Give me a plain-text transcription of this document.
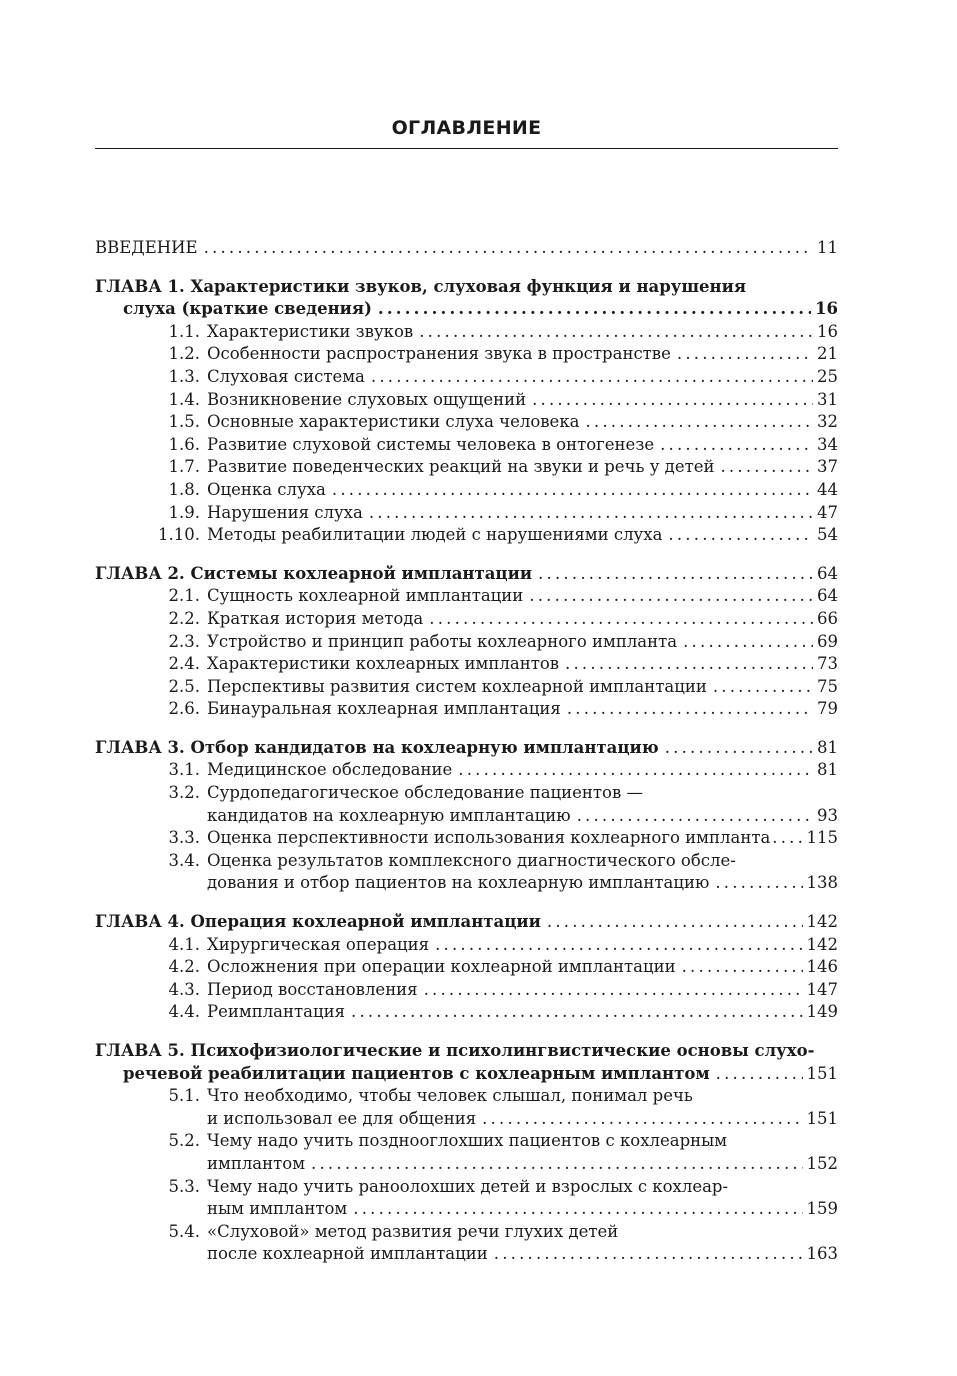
ОГЛАВЛЕНИЕ
ВВЕДЕНИЕ .....	11
ГЛАВА 1. Характеристики звуков, слуховая функция и нарушения
слуха (краткие сведения) .....	16
1.1. Характеристики звуков .....	16
1.2. Особенности распространения звука в пространстве .....	21
1.3. Слуховая система .....	25
1.4. Возникновение слуховых ощущений .....	31
1.5. Основные характеристики слуха человека .....	32
1.6. Развитие слуховой системы человека в онтогенезе .....	34
1.7. Развитие поведенческих реакций на звуки и речь у детей .....	37
1.8. Оценка слуха .....	44
1.9. Нарушения слуха .....	47
1.10. Методы реабилитации людей с нарушениями слуха .....	54
ГЛАВА 2. Системы кохлеарной имплантации .....	64
2.1. Сущность кохлеарной имплантации .....	64
2.2. Краткая история метода .....	66
2.3. Устройство и принцип работы кохлеарного импланта .....	69
2.4. Характеристики кохлеарных имплантов .....	73
2.5. Перспективы развития систем кохлеарной имплантации .....	75
2.6. Бинауральная кохлеарная имплантация .....	79
ГЛАВА 3. Отбор кандидатов на кохлеарную имплантацию .....	81
3.1. Медицинское обследование .....	81
3.2. Сурдопедагогическое обследование пациентов —
кандидатов на кохлеарную имплантацию .....	93
3.3. Оценка перспективности использования кохлеарного импланта ..... 115
3.4. Оценка результатов комплексного диагностического обсле-
дования и отбор пациентов на кохлеарную имплантацию .....	138
ГЛАВА 4. Операция кохлеарной имплантации .....	142
4.1. Хирургическая операция .....	142
4.2. Осложнения при операции кохлеарной имплантации .....	146
4.3. Период восстановления .....	147
4.4. Реимплантация .....	149
ГЛАВА 5. Психофизиологические и психолингвистические основы слухо-
речевой реабилитации пациентов с кохлеарным имплантом .....	151
5.1. Что необходимо, чтобы человек слышал, понимал речь
и использовал ее для общения .....	151
5.2. Чему надо учить позднооглохших пациентов с кохлеарным
имплантом .....	152
5.3. Чему надо учить раноолохших детей и взрослых с кохлеар-
ным имплантом .....	159
5.4. «Слуховой» метод развития речи глухих детей
после кохлеарной имплантации .....	163
